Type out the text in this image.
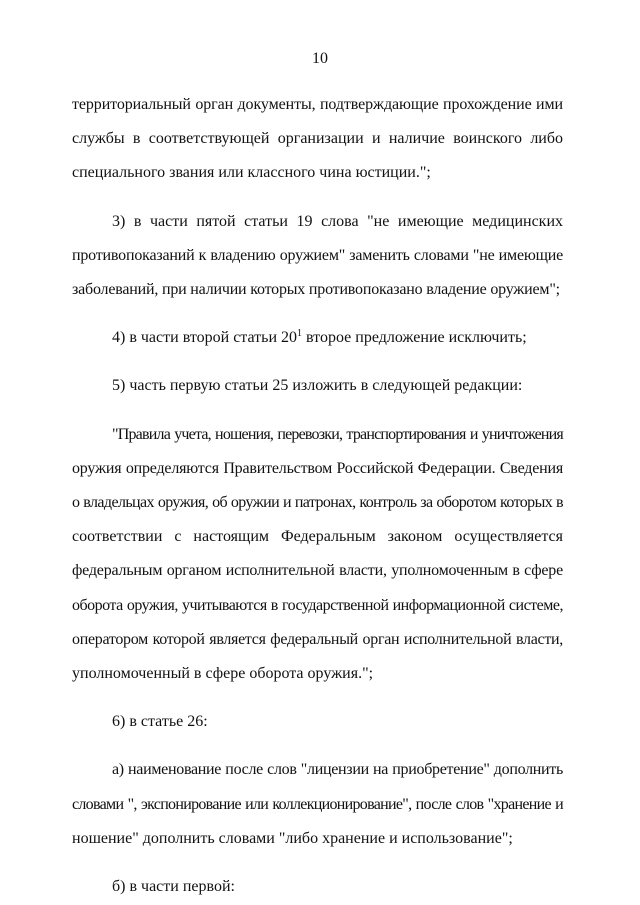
10

территориальный орган документы, подтверждающие прохождение ими
службы в соответствующей организации и наличие воинского либо
специального звания или классного чина юстиции.";

3) в части пятой статьи 19 слова "не имеющие медицинских
противопоказаний к владению оружием" заменить словами "не имеющие
заболеваний, при наличии которых противопоказано владение оружием";

4) в части второй статьи $20^1$ второе предложение исключить;

5) часть первую статьи 25 изложить в следующей редакции:

"Правила учета, ношения, перевозки, транспортирования и уничтожения
оружия определяются Правительством Российской Федерации. Сведения
о владельцах оружия, об оружии и патронах, контроль за оборотом которых в
соответствии с настоящим Федеральным законом осуществляется
федеральным органом исполнительной власти, уполномоченным в сфере
оборота оружия, учитываются в государственной информационной системе,
оператором которой является федеральный орган исполнительной власти,
уполномоченный в сфере оборота оружия.";

6) в статье 26:

а) наименование после слов "лицензии на приобретение" дополнить
словами ", экспонирование или коллекционирование", после слов "хранение и
ношение" дополнить словами "либо хранение и использование";

б) в части первой:
